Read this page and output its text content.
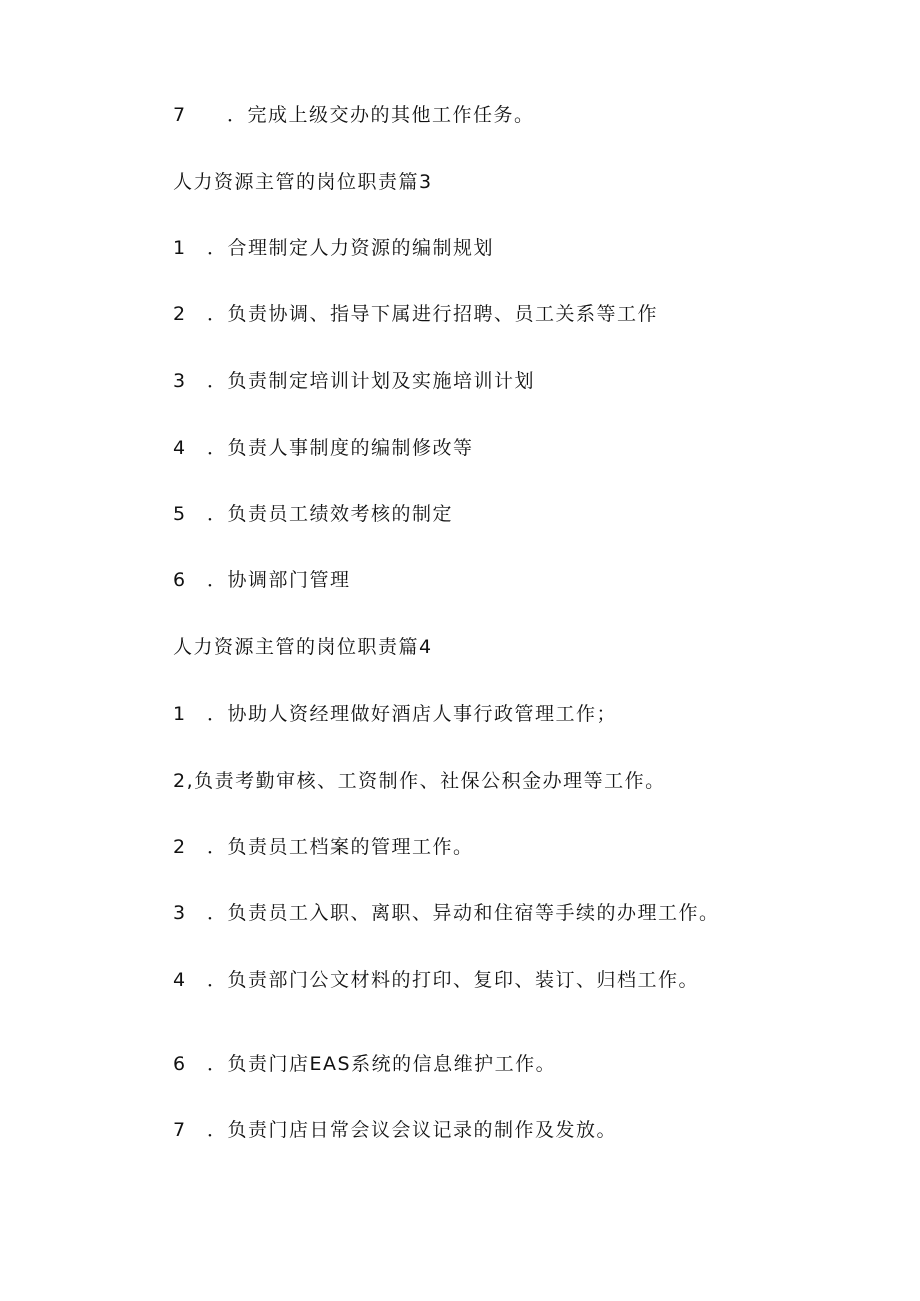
7 ．完成上级交办的其他工作任务。
人力资源主管的岗位职责篇3
1 ．合理制定人力资源的编制规划
2 ．负责协调、指导下属进行招聘、员工关系等工作
3 ．负责制定培训计划及实施培训计划
4 ．负责人事制度的编制修改等
5 ．负责员工绩效考核的制定
6 ．协调部门管理
人力资源主管的岗位职责篇4
1 ．协助人资经理做好酒店人事行政管理工作；
2,负责考勤审核、工资制作、社保公积金办理等工作。
2 ．负责员工档案的管理工作。
3 ．负责员工入职、离职、异动和住宿等手续的办理工作。
4 ．负责部门公文材料的打印、复印、装订、归档工作。
6 ．负责门店EAS系统的信息维护工作。
7 ．负责门店日常会议会议记录的制作及发放。
